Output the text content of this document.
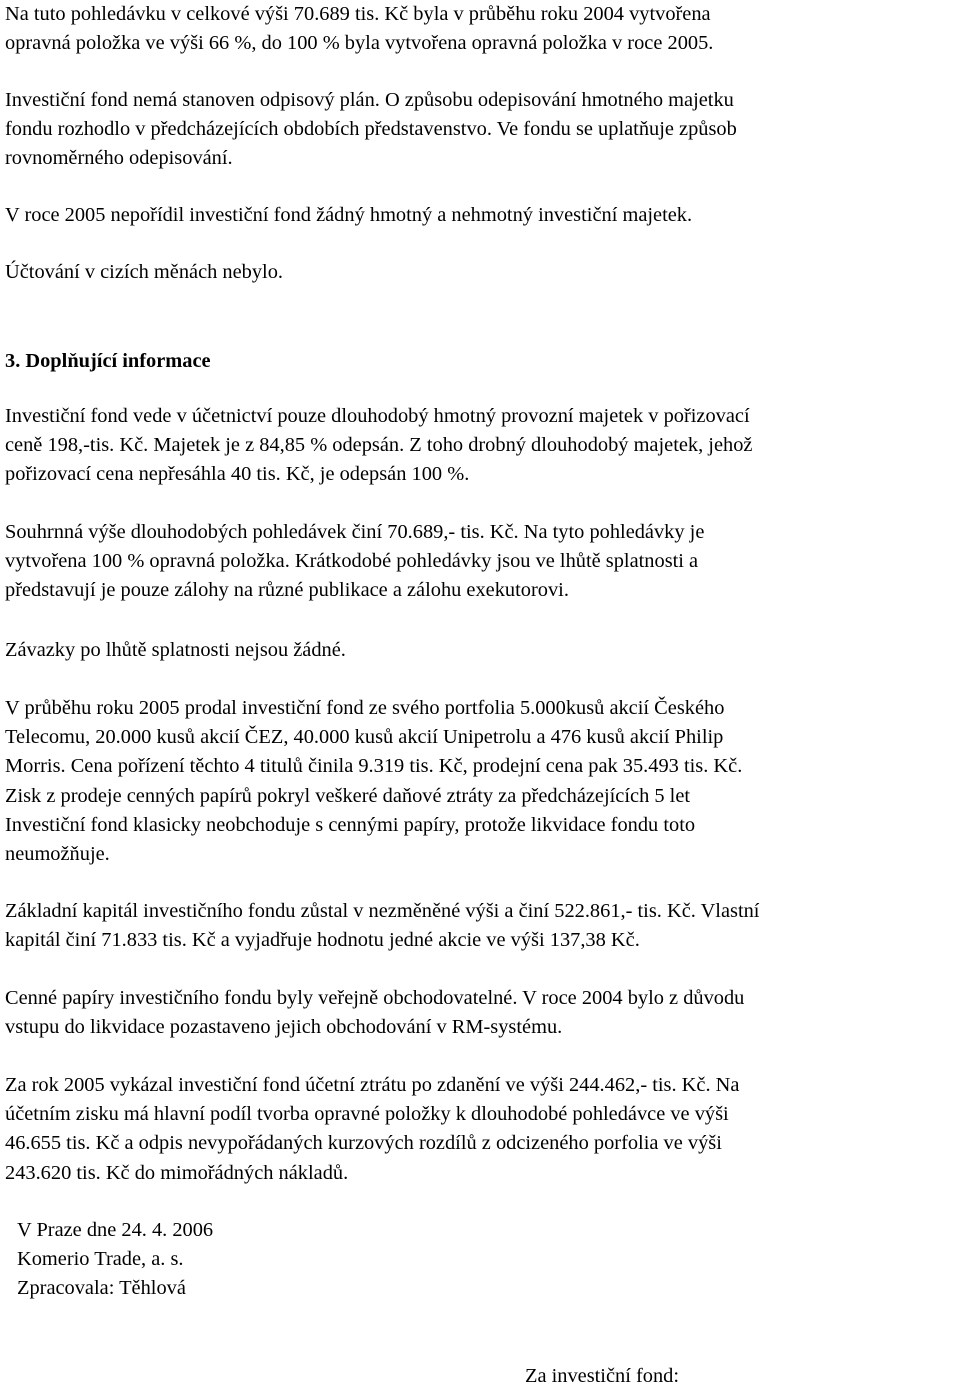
Na tuto pohledávku v celkové výši 70.689 tis. Kč byla v průběhu roku 2004 vytvořena
opravná položka ve výši 66 %, do 100 % byla vytvořena opravná položka v roce 2005.

Investiční fond nemá stanoven odpisový plán. O způsobu odepisování hmotného majetku
fondu rozhodlo v předcházejících obdobích představenstvo. Ve fondu se uplatňuje způsob
rovnoměrného odepisování.

V roce 2005 nepořídil investiční fond žádný hmotný a nehmotný investiční majetek.

Účtování v cizích měnách nebylo.

3. Doplňující informace

Investiční fond vede v účetnictví pouze dlouhodobý hmotný provozní majetek v pořizovací
ceně 198,-tis. Kč. Majetek je z 84,85 % odepsán. Z toho drobný dlouhodobý majetek, jehož
pořizovací cena nepřesáhla 40 tis. Kč, je odepsán 100 %.

Souhrnná výše dlouhodobých pohledávek činí 70.689,- tis. Kč. Na tyto pohledávky je
vytvořena 100 % opravná položka. Krátkodobé pohledávky jsou ve lhůtě splatnosti a
představují je pouze zálohy na různé publikace a zálohu exekutorovi.

Závazky po lhůtě splatnosti nejsou žádné.

V průběhu roku 2005 prodal investiční fond ze svého portfolia 5.000kusů akcií Českého
Telecomu, 20.000 kusů akcií ČEZ, 40.000 kusů akcií Unipetrolu a 476 kusů akcií Philip
Morris. Cena pořízení těchto 4 titulů činila 9.319 tis. Kč, prodejní cena pak 35.493 tis. Kč.
Zisk z prodeje cenných papírů pokryl veškeré daňové ztráty za předcházejících 5 let
Investiční fond klasicky neobchoduje s cennými papíry, protože likvidace fondu toto
neumožňuje.

Základní kapitál investičního fondu zůstal v nezměněné výši a činí 522.861,- tis. Kč. Vlastní
kapitál činí 71.833 tis. Kč a vyjadřuje hodnotu jedné akcie ve výši 137,38 Kč.

Cenné papíry investičního fondu byly veřejně obchodovatelné. V roce 2004 bylo z důvodu
vstupu do likvidace pozastaveno jejich obchodování v RM-systému.

Za rok 2005 vykázal investiční fond účetní ztrátu po zdanění ve výši 244.462,- tis. Kč. Na
účetním zisku má hlavní podíl tvorba opravné položky k dlouhodobé pohledávce ve výši
46.655 tis. Kč a odpis nevypořádaných kurzových rozdílů z odcizeného porfolia ve výši
243.620 tis. Kč do mimořádných nákladů.

V Praze dne 24. 4. 2006
Komerio Trade, a. s.
Zpracovala: Těhlová
Za investiční fond:
